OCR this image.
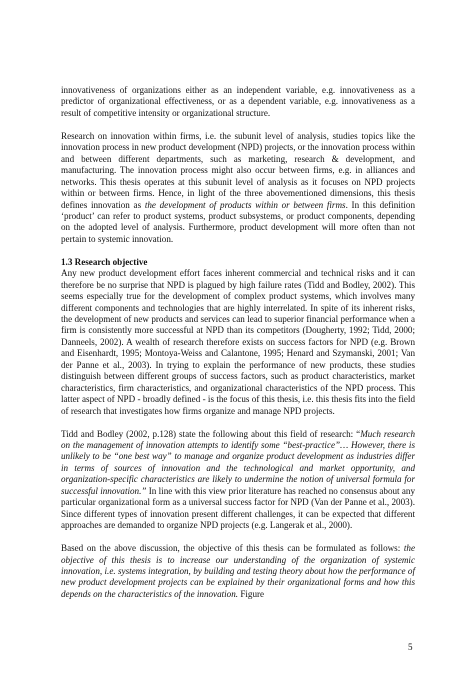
innovativeness of organizations either as an independent variable, e.g. innovativeness as a predictor of organizational effectiveness, or as a dependent variable, e.g. innovativeness as a result of competitive intensity or organizational structure.

Research on innovation within firms, i.e. the subunit level of analysis, studies topics like the innovation process in new product development (NPD) projects, or the innovation process within and between different departments, such as marketing, research & development, and manufacturing. The innovation process might also occur between firms, e.g. in alliances and networks. This thesis operates at this subunit level of analysis as it focuses on NPD projects within or between firms. Hence, in light of the three abovementioned dimensions, this thesis defines innovation as the development of products within or between firms. In this definition ‘product’ can refer to product systems, product subsystems, or product components, depending on the adopted level of analysis. Furthermore, product development will more often than not pertain to systemic innovation.

1.3 Research objective

Any new product development effort faces inherent commercial and technical risks and it can therefore be no surprise that NPD is plagued by high failure rates (Tidd and Bodley, 2002). This seems especially true for the development of complex product systems, which involves many different components and technologies that are highly interrelated. In spite of its inherent risks, the development of new products and services can lead to superior financial performance when a firm is consistently more successful at NPD than its competitors (Dougherty, 1992; Tidd, 2000; Danneels, 2002). A wealth of research therefore exists on success factors for NPD (e.g. Brown and Eisenhardt, 1995; Montoya-Weiss and Calantone, 1995; Henard and Szymanski, 2001; Van der Panne et al., 2003). In trying to explain the performance of new products, these studies distinguish between different groups of success factors, such as product characteristics, market characteristics, firm characteristics, and organizational characteristics of the NPD process. This latter aspect of NPD - broadly defined - is the focus of this thesis, i.e. this thesis fits into the field of research that investigates how firms organize and manage NPD projects.

Tidd and Bodley (2002, p.128) state the following about this field of research: “Much research on the management of innovation attempts to identify some “best-practice”… However, there is unlikely to be “one best way” to manage and organize product development as industries differ in terms of sources of innovation and the technological and market opportunity, and organization-specific characteristics are likely to undermine the notion of universal formula for successful innovation.” In line with this view prior literature has reached no consensus about any particular organizational form as a universal success factor for NPD (Van der Panne et al., 2003). Since different types of innovation present different challenges, it can be expected that different approaches are demanded to organize NPD projects (e.g. Langerak et al., 2000).

Based on the above discussion, the objective of this thesis can be formulated as follows: the objective of this thesis is to increase our understanding of the organization of systemic innovation, i.e. systems integration, by building and testing theory about how the performance of new product development projects can be explained by their organizational forms and how this depends on the characteristics of the innovation. Figure

5
